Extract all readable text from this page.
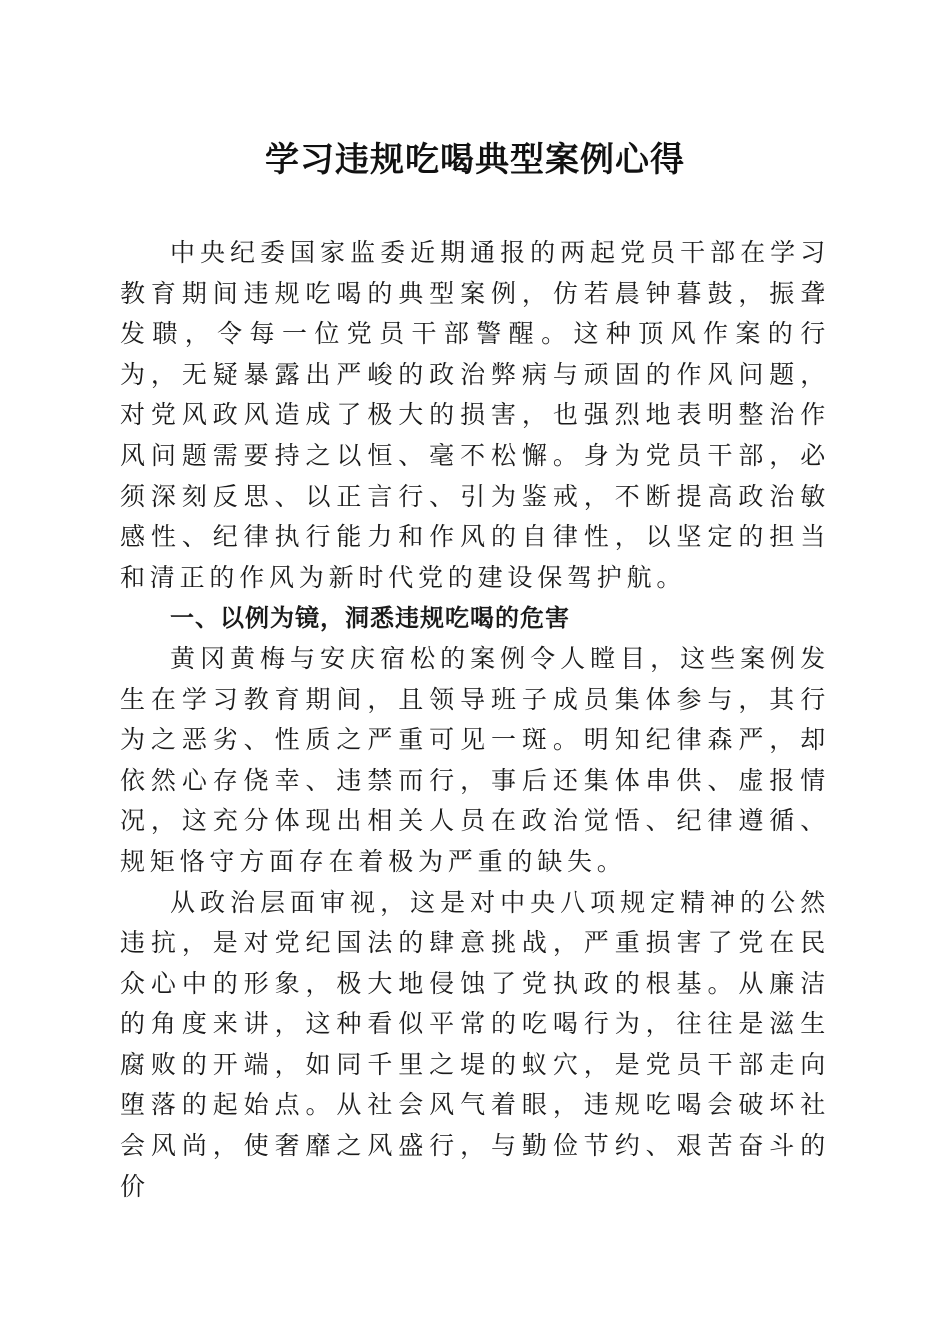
学习违规吃喝典型案例心得

中央纪委国家监委近期通报的两起党员干部在学习教育期间违规吃喝的典型案例，仿若晨钟暮鼓，振聋发聩，令每一位党员干部警醒。这种顶风作案的行为，无疑暴露出严峻的政治弊病与顽固的作风问题，对党风政风造成了极大的损害，也强烈地表明整治作风问题需要持之以恒、毫不松懈。身为党员干部，必须深刻反思、以正言行、引为鉴戒，不断提高政治敏感性、纪律执行能力和作风的自律性，以坚定的担当和清正的作风为新时代党的建设保驾护航。

一、以例为镜，洞悉违规吃喝的危害

黄冈黄梅与安庆宿松的案例令人瞠目，这些案例发生在学习教育期间，且领导班子成员集体参与，其行为之恶劣、性质之严重可见一斑。明知纪律森严，却依然心存侥幸、违禁而行，事后还集体串供、虚报情况，这充分体现出相关人员在政治觉悟、纪律遵循、规矩恪守方面存在着极为严重的缺失。

从政治层面审视，这是对中央八项规定精神的公然违抗，是对党纪国法的肆意挑战，严重损害了党在民众心中的形象，极大地侵蚀了党执政的根基。从廉洁的角度来讲，这种看似平常的吃喝行为，往往是滋生腐败的开端，如同千里之堤的蚁穴，是党员干部走向堕落的起始点。从社会风气着眼，违规吃喝会破坏社会风尚，使奢靡之风盛行，与勤俭节约、艰苦奋斗的价
